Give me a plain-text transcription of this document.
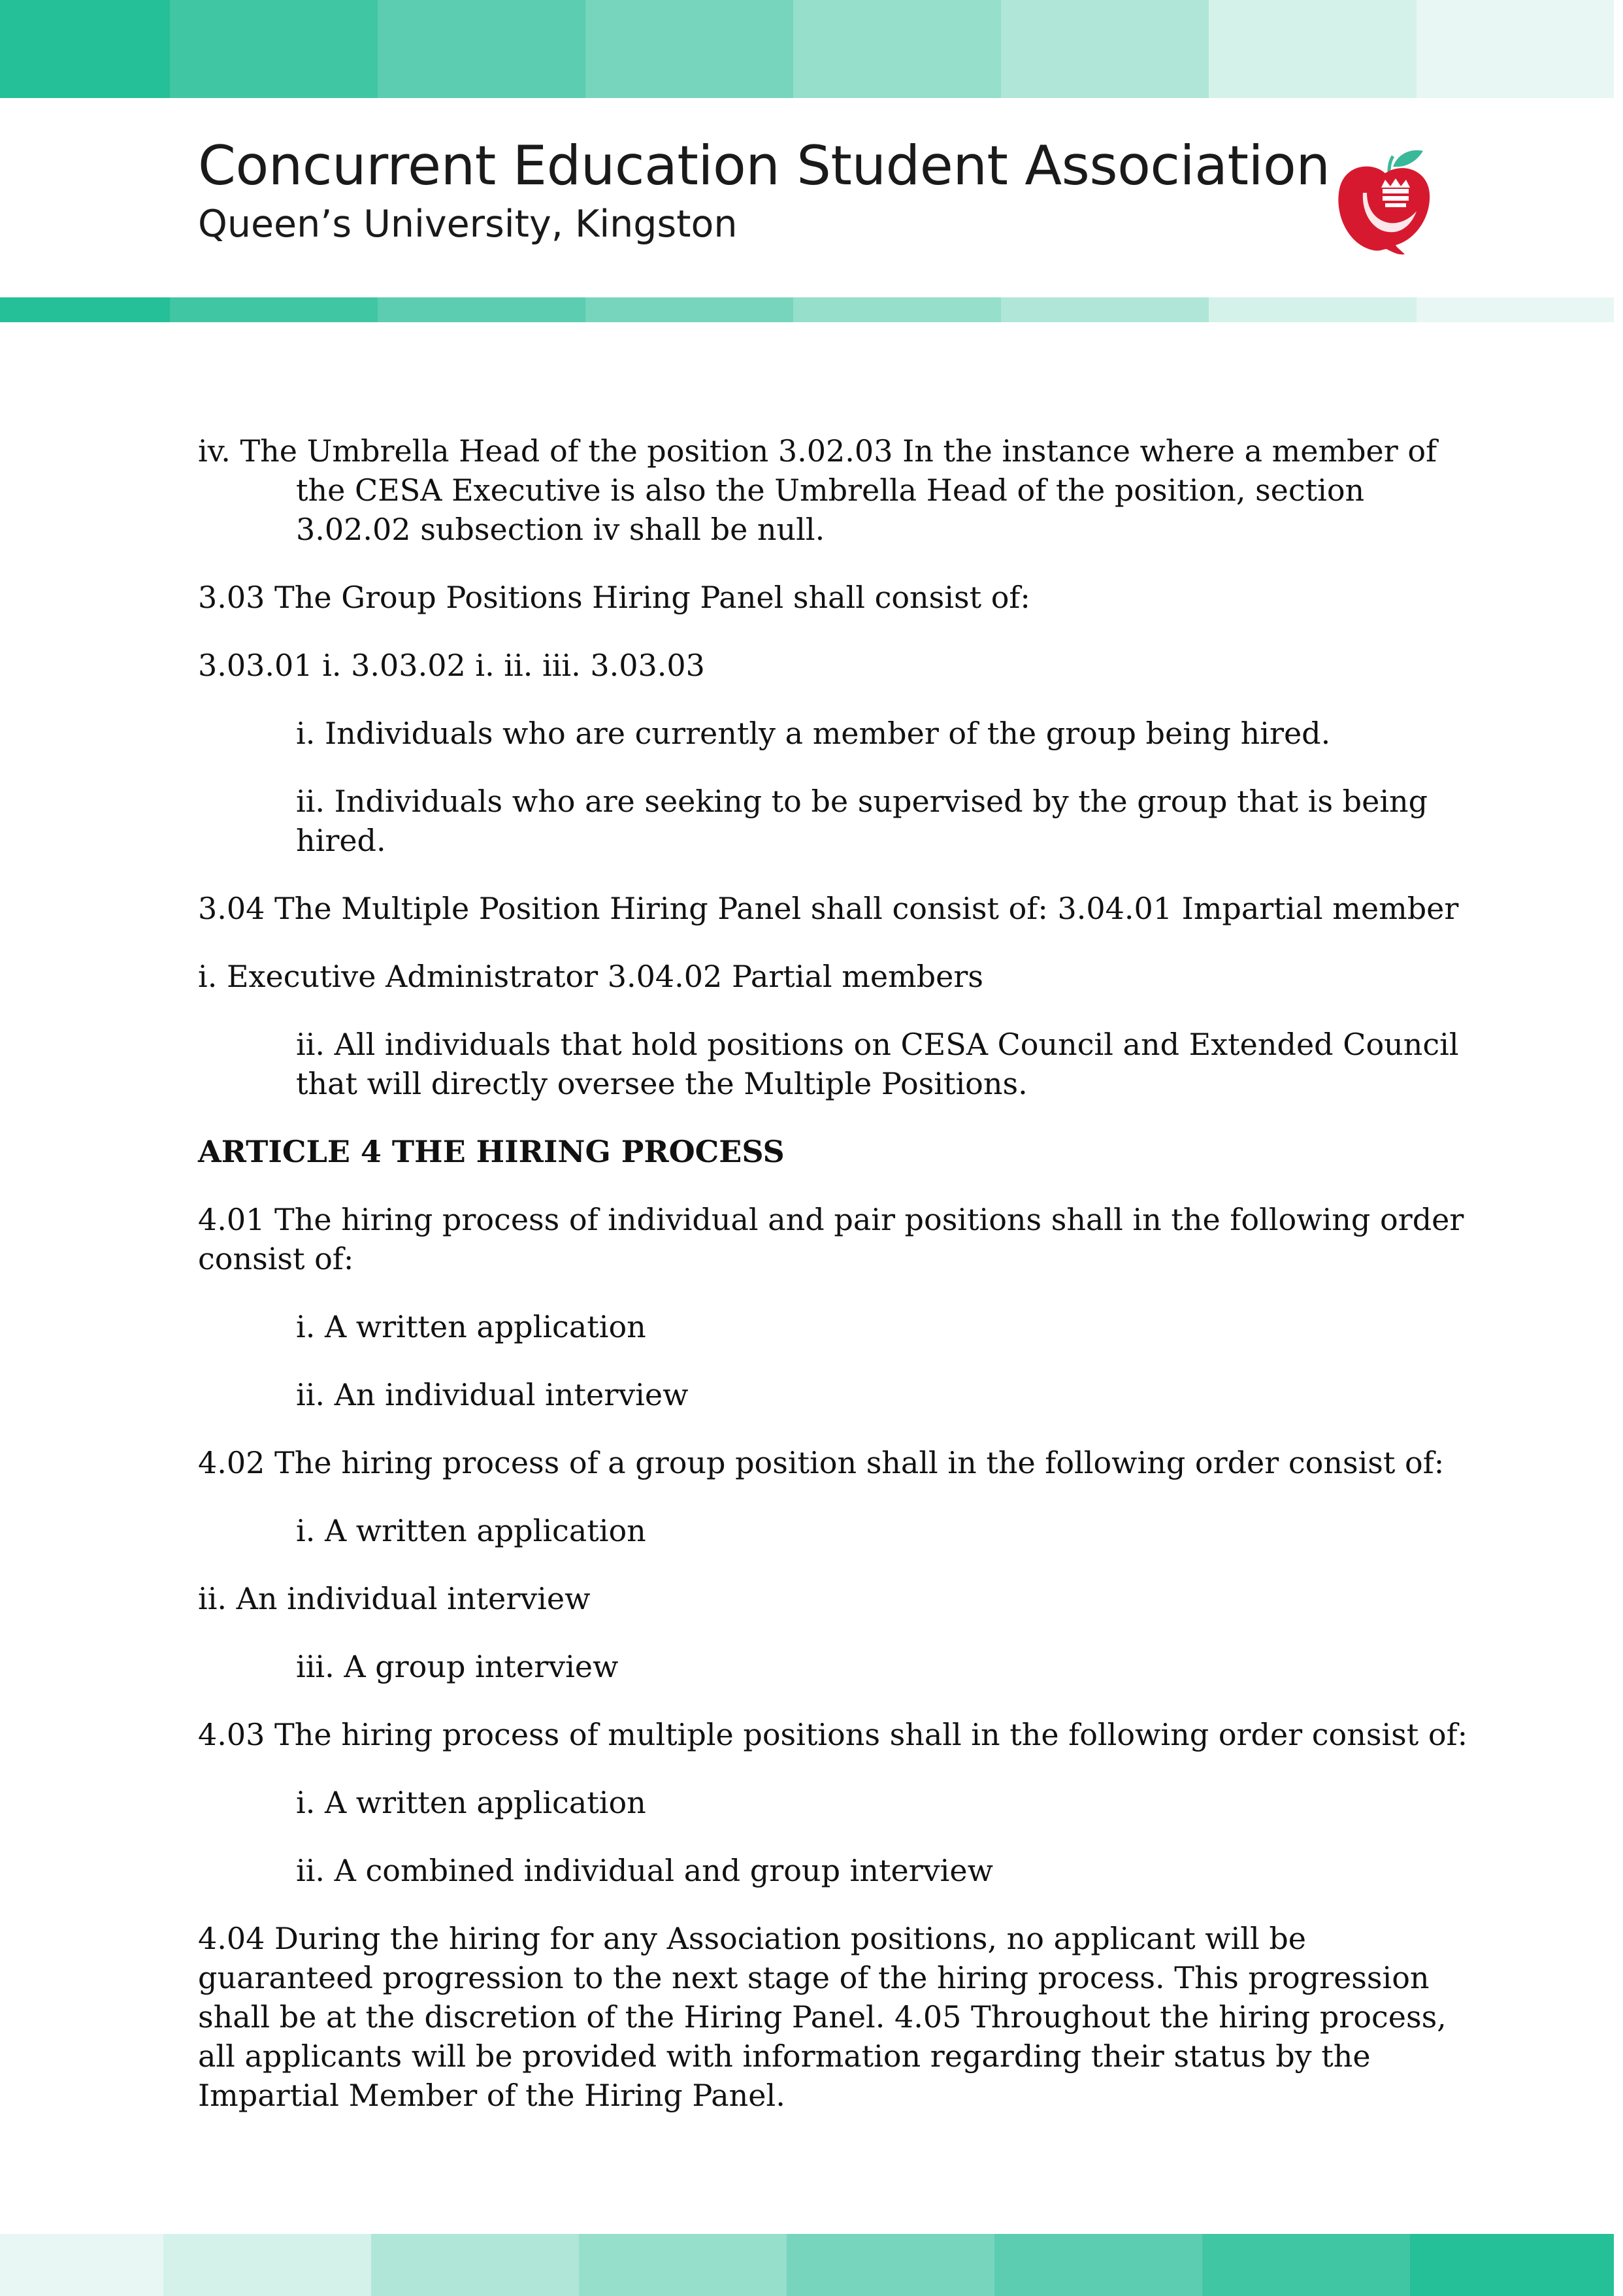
Concurrent Education Student Association
Queen’s University, Kingston

iv. The Umbrella Head of the position 3.02.03 In the instance where a member of the CESA Executive is also the Umbrella Head of the position, section 3.02.02 subsection iv shall be null.

3.03 The Group Positions Hiring Panel shall consist of:

3.03.01 i. 3.03.02 i. ii. iii. 3.03.03

i. Individuals who are currently a member of the group being hired.

ii. Individuals who are seeking to be supervised by the group that is being hired.

3.04 The Multiple Position Hiring Panel shall consist of: 3.04.01 Impartial member

i. Executive Administrator 3.04.02 Partial members

ii. All individuals that hold positions on CESA Council and Extended Council that will directly oversee the Multiple Positions.

ARTICLE 4 THE HIRING PROCESS

4.01 The hiring process of individual and pair positions shall in the following order consist of:

i. A written application

ii. An individual interview

4.02 The hiring process of a group position shall in the following order consist of:

i. A written application

ii. An individual interview

iii. A group interview

4.03 The hiring process of multiple positions shall in the following order consist of:

i. A written application

ii. A combined individual and group interview

4.04 During the hiring for any Association positions, no applicant will be guaranteed progression to the next stage of the hiring process. This progression shall be at the discretion of the Hiring Panel. 4.05 Throughout the hiring process, all applicants will be provided with information regarding their status by the Impartial Member of the Hiring Panel.
